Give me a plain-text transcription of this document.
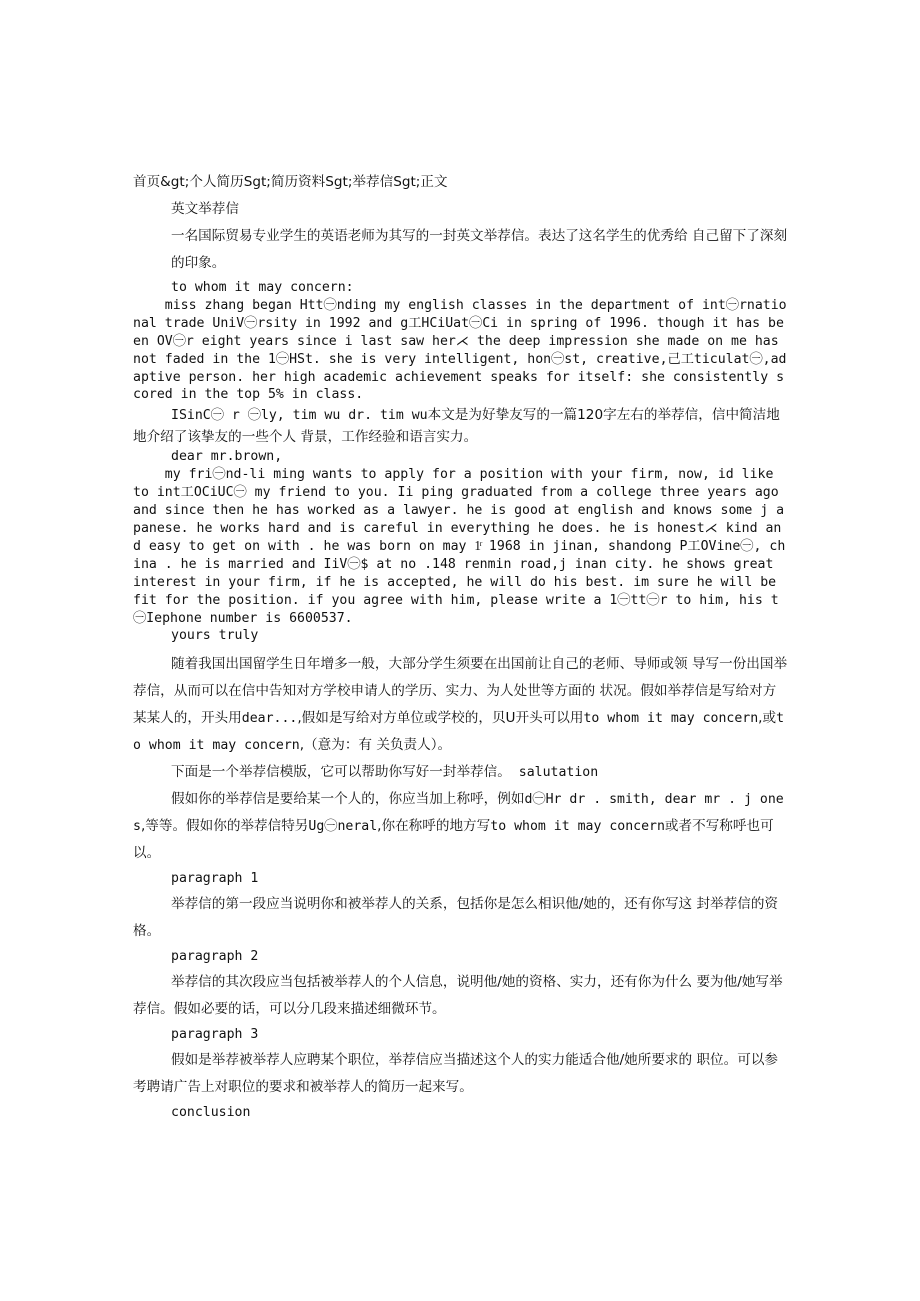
首页&gt;个人简历Sgt;简历资料Sgt;举荐信Sgt;正文

英文举荐信

一名国际贸易专业学生的英语老师为其写的一封英文举荐信。表达了这名学生的优秀给 自己留下了深刻的印象。

to whom it may concern:

miss zhang began Htt㊀nding my english classes in the department of int㊀rnational trade UniV㊀rsity in 1992 and g工HCiUat㊀Ci in spring of 1996. though it has been OV㊀r eight years since i last saw her⋌ the deep impression she made on me has not faded in the 1㊀HSt. she is very intelligent, hon㊀st, creative,己工ticulat㊀,adaptive person. her high academic achievement speaks for itself: she consistently scored in the top 5% in class.

ISinC㊀ r ㊀ly, tim wu dr. tim wu本文是为好挚友写的一篇120字左右的举荐信，信中简洁地地介绍了该挚友的一些个人 背景，工作经验和语言实力。

dear mr.brown,

my fri㊀nd-li ming wants to apply for a position with your firm, now, id like to int工OCiUC㊀ my friend to you. Ii ping graduated from a college three years ago and since then he has worked as a lawyer. he is good at english and knows some j apanese. he works hard and is careful in everything he does. he is honest⋌ kind and easy to get on with . he was born on may 1ͬ 1968 in jinan, shandong P工OVine㊀, china . he is married and IiV㊀$ at no .148 renmin road,j inan city. he shows great interest in your firm, if he is accepted, he will do his best. im sure he will be fit for the position. if you agree with him, please write a 1㊀tt㊀r to him, his t㊀Iephone number is 6600537.

yours truly

随着我国出国留学生日年增多一般，大部分学生须要在出国前让自己的老师、导师或领 导写一份出国举荐信，从而可以在信中告知对方学校申请人的学历、实力、为人处世等方面的 状况。假如举荐信是写给对方某某人的，开头用dear...,假如是写给对方单位或学校的，贝U开头可以用to whom it may concern,或to whom it may concern,（意为：有 关负责人）。

下面是一个举荐信模版，它可以帮助你写好一封举荐信。 salutation

假如你的举荐信是要给某一个人的，你应当加上称呼，例如d㊀Hr dr . smith, dear mr . j ones,等等。假如你的举荐信特另Ug㊀neral,你在称呼的地方写to whom it may concern或者不写称呼也可以。

paragraph 1

举荐信的第一段应当说明你和被举荐人的关系，包括你是怎么相识他/她的，还有你写这 封举荐信的资格。

paragraph 2

举荐信的其次段应当包括被举荐人的个人信息，说明他/她的资格、实力，还有你为什么 要为他/她写举荐信。假如必要的话，可以分几段来描述细微环节。

paragraph 3

假如是举荐被举荐人应聘某个职位，举荐信应当描述这个人的实力能适合他/她所要求的 职位。可以参考聘请广告上对职位的要求和被举荐人的简历一起来写。

conclusion
